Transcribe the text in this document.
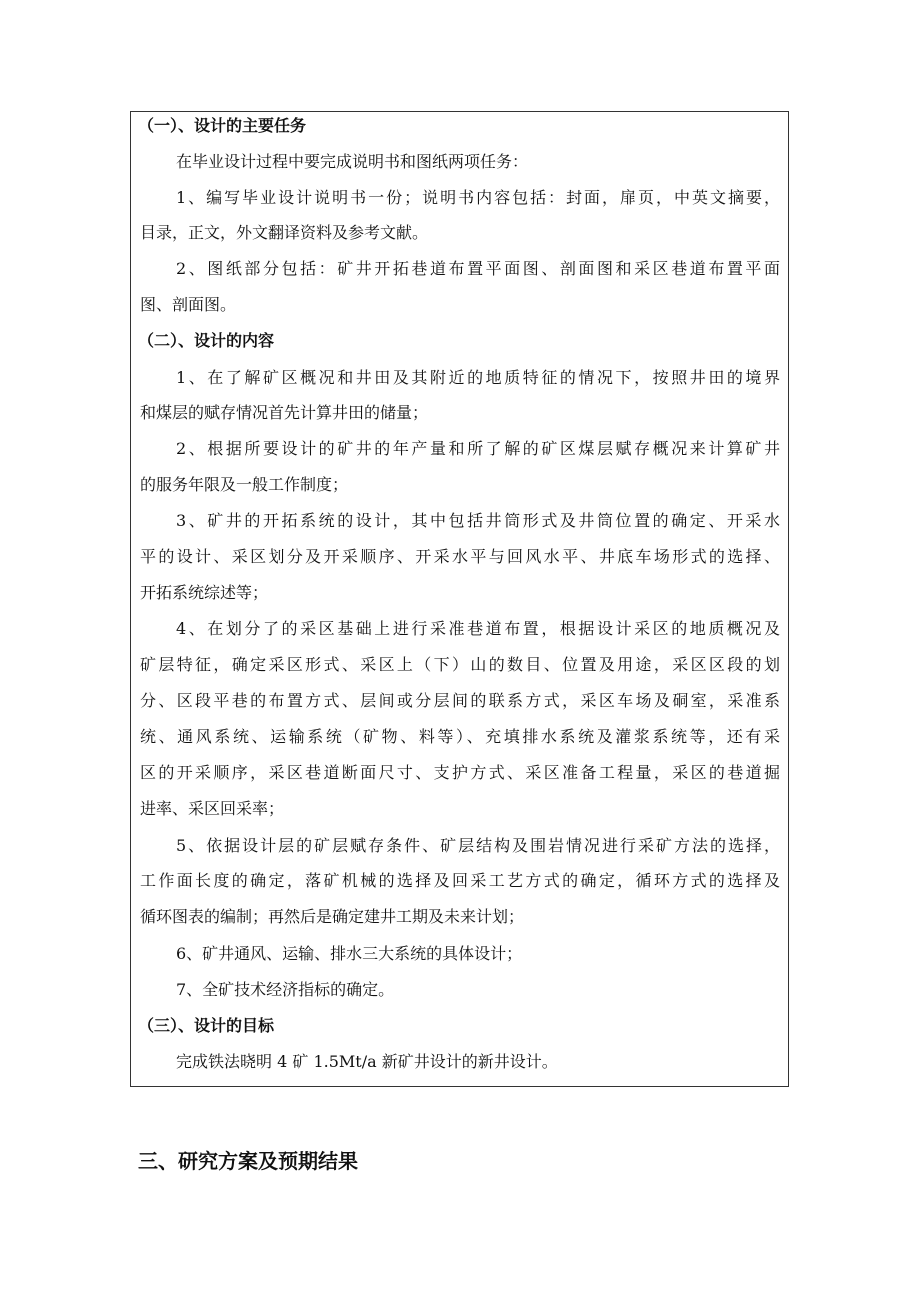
（一）、设计的主要任务
在毕业设计过程中要完成说明书和图纸两项任务：
1、编写毕业设计说明书一份；说明书内容包括：封面，扉页，中英文摘要，
目录，正文，外文翻译资料及参考文献。
2、图纸部分包括：矿井开拓巷道布置平面图、剖面图和采区巷道布置平面
图、剖面图。
（二）、设计的内容
1、在了解矿区概况和井田及其附近的地质特征的情况下，按照井田的境界
和煤层的赋存情况首先计算井田的储量；
2、根据所要设计的矿井的年产量和所了解的矿区煤层赋存概况来计算矿井
的服务年限及一般工作制度；
3、矿井的开拓系统的设计，其中包括井筒形式及井筒位置的确定、开采水
平的设计、采区划分及开采顺序、开采水平与回风水平、井底车场形式的选择、
开拓系统综述等；
4、在划分了的采区基础上进行采准巷道布置，根据设计采区的地质概况及
矿层特征，确定采区形式、采区上（下）山的数目、位置及用途，采区区段的划
分、区段平巷的布置方式、层间或分层间的联系方式，采区车场及硐室，采准系
统、通风系统、运输系统（矿物、料等）、充填排水系统及灌浆系统等，还有采
区的开采顺序，采区巷道断面尺寸、支护方式、采区准备工程量，采区的巷道掘
进率、采区回采率；
5、依据设计层的矿层赋存条件、矿层结构及围岩情况进行采矿方法的选择，
工作面长度的确定，落矿机械的选择及回采工艺方式的确定，循环方式的选择及
循环图表的编制；再然后是确定建井工期及未来计划；
6、矿井通风、运输、排水三大系统的具体设计；
7、全矿技术经济指标的确定。
（三）、设计的目标
完成铁法晓明 4 矿 1.5Mt/a 新矿井设计的新井设计。
三、研究方案及预期结果
